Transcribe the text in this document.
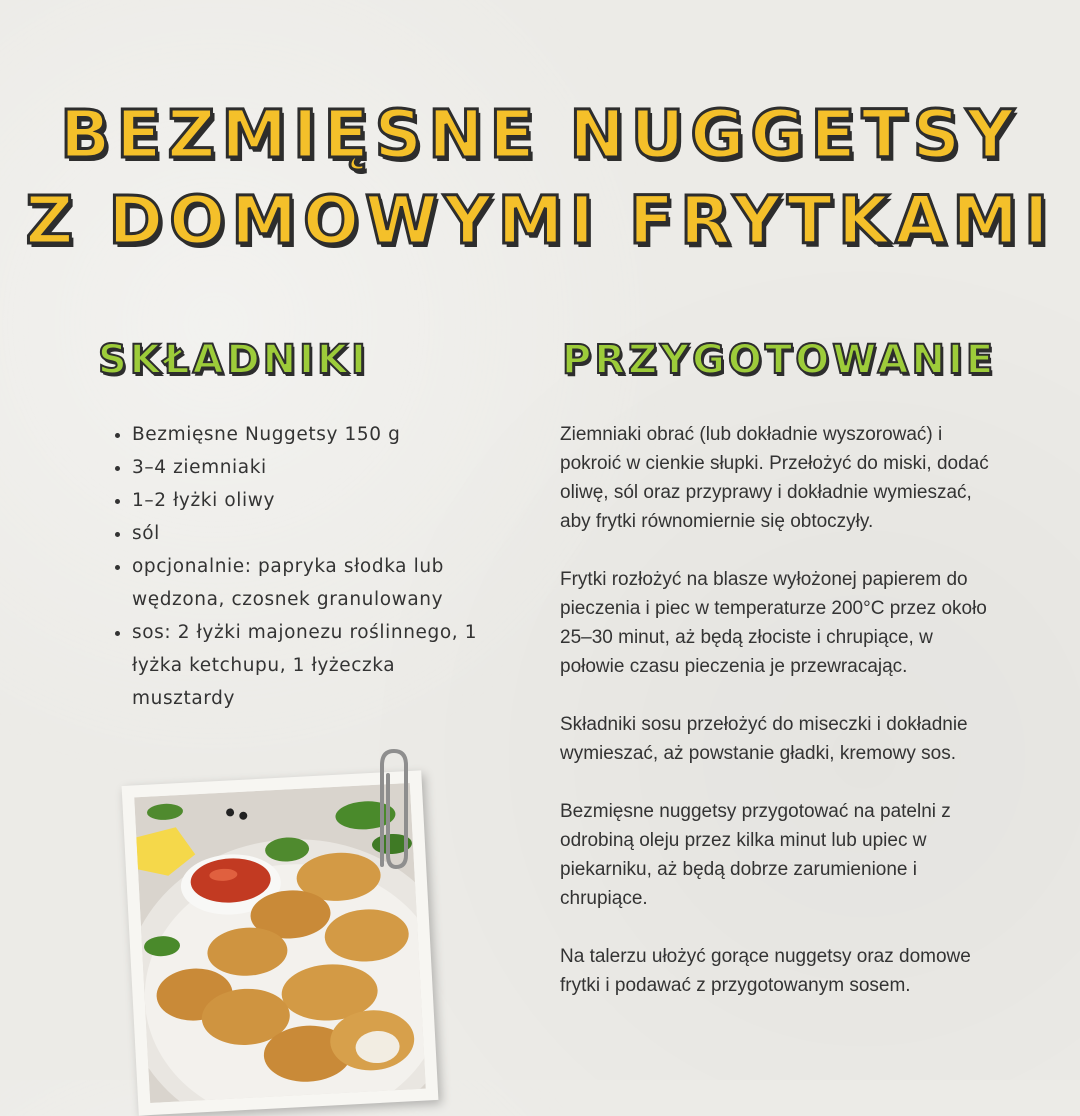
BEZMIĘSNE NUGGETSY
Z DOMOWYMI FRYTKAMI
SKŁADNIKI	PRZYGOTOWANIE
• Bezmięsne Nuggetsy 150 g
• 3–4 ziemniaki
• 1–2 łyżki oliwy
• sól
• opcjonalnie: papryka słodka lub wędzona, czosnek granulowany
• sos: 2 łyżki majonezu roślinnego, 1 łyżka ketchupu, 1 łyżeczka musztardy

Ziemniaki obrać (lub dokładnie wyszorować) i pokroić w cienkie słupki. Przełożyć do miski, dodać oliwę, sól oraz przyprawy i dokładnie wymieszać, aby frytki równomiernie się obtoczyły.

Frytki rozłożyć na blasze wyłożonej papierem do pieczenia i piec w temperaturze 200°C przez około 25–30 minut, aż będą złociste i chrupiące, w połowie czasu pieczenia je przewracając.

Składniki sosu przełożyć do miseczki i dokładnie wymieszać, aż powstanie gładki, kremowy sos.

Bezmięsne nuggetsy przygotować na patelni z odrobiną oleju przez kilka minut lub upiec w piekarniku, aż będą dobrze zarumienione i chrupiące.

Na talerzu ułożyć gorące nuggetsy oraz domowe frytki i podawać z przygotowanym sosem.
